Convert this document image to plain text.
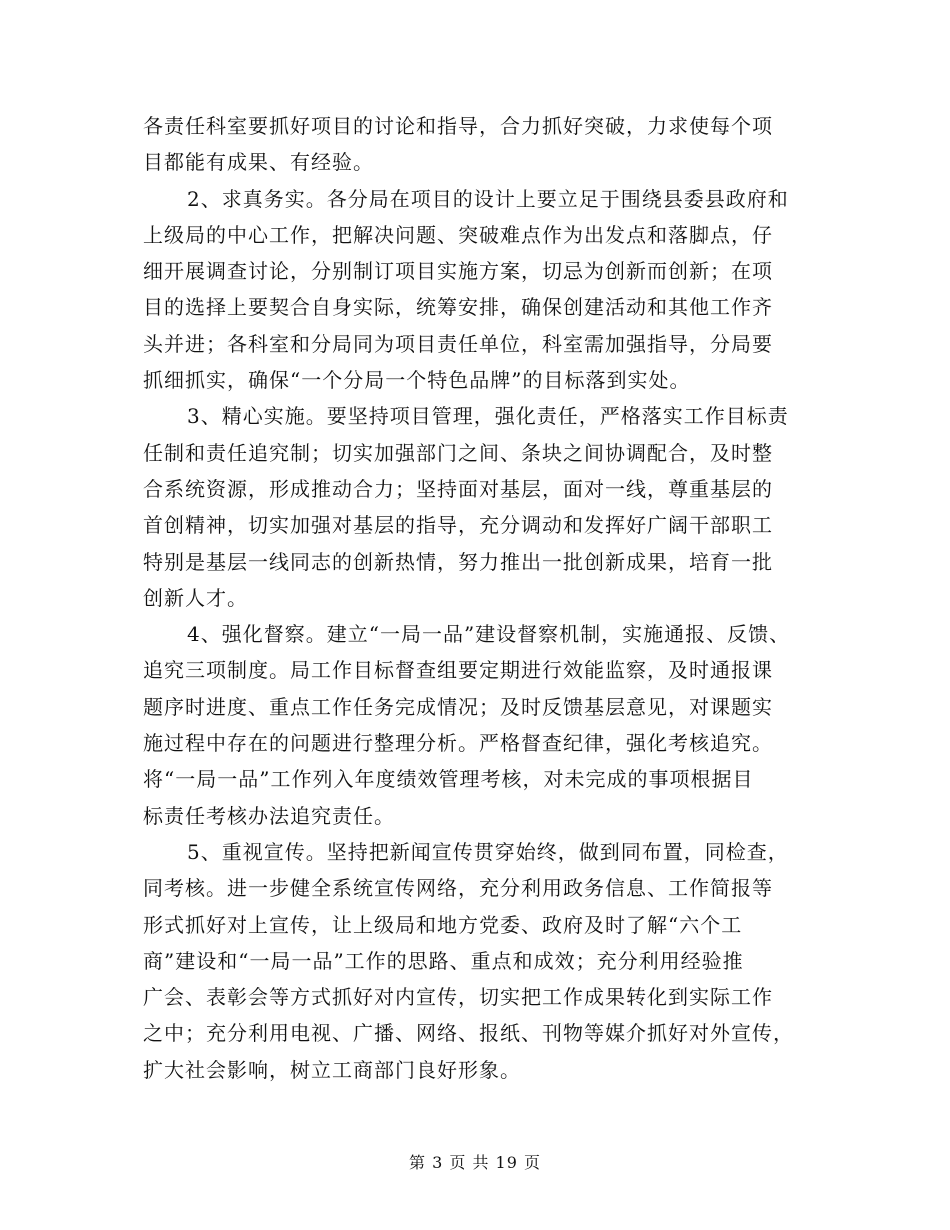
各责任科室要抓好项目的讨论和指导，合力抓好突破，力求使每个项
目都能有成果、有经验。
2、求真务实。各分局在项目的设计上要立足于围绕县委县政府和
上级局的中心工作，把解决问题、突破难点作为出发点和落脚点，仔
细开展调查讨论，分别制订项目实施方案，切忌为创新而创新；在项
目的选择上要契合自身实际，统筹安排，确保创建活动和其他工作齐
头并进；各科室和分局同为项目责任单位，科室需加强指导，分局要
抓细抓实，确保“一个分局一个特色品牌”的目标落到实处。
3、精心实施。要坚持项目管理，强化责任，严格落实工作目标责
任制和责任追究制；切实加强部门之间、条块之间协调配合，及时整
合系统资源，形成推动合力；坚持面对基层，面对一线，尊重基层的
首创精神，切实加强对基层的指导，充分调动和发挥好广阔干部职工
特别是基层一线同志的创新热情，努力推出一批创新成果，培育一批
创新人才。
4、强化督察。建立“一局一品”建设督察机制，实施通报、反馈、
追究三项制度。局工作目标督查组要定期进行效能监察，及时通报课
题序时进度、重点工作任务完成情况；及时反馈基层意见，对课题实
施过程中存在的问题进行整理分析。严格督查纪律，强化考核追究。
将“一局一品”工作列入年度绩效管理考核，对未完成的事项根据目
标责任考核办法追究责任。
5、重视宣传。坚持把新闻宣传贯穿始终，做到同布置，同检查，
同考核。进一步健全系统宣传网络，充分利用政务信息、工作简报等
形式抓好对上宣传，让上级局和地方党委、政府及时了解“六个工
商”建设和“一局一品”工作的思路、重点和成效；充分利用经验推
广会、表彰会等方式抓好对内宣传，切实把工作成果转化到实际工作
之中；充分利用电视、广播、网络、报纸、刊物等媒介抓好对外宣传，
扩大社会影响，树立工商部门良好形象。
第 3 页 共 19 页
